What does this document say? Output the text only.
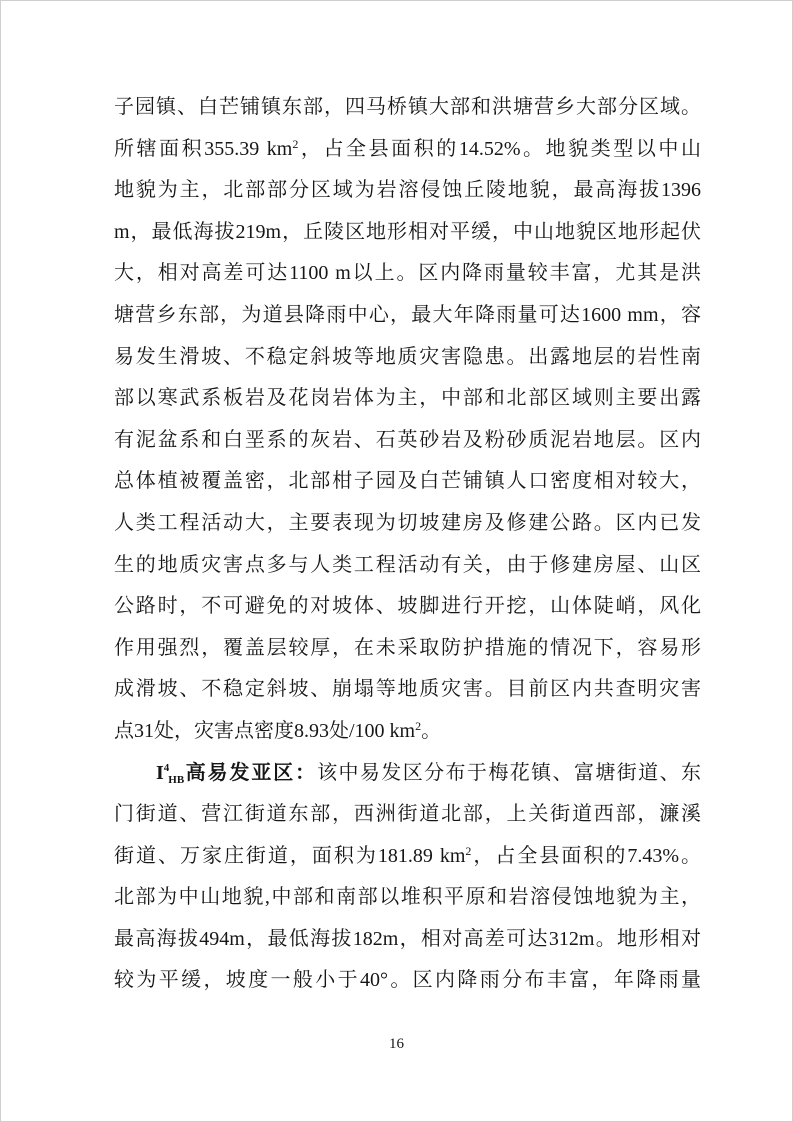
子园镇、白芒铺镇东部，四马桥镇大部和洪塘营乡大部分区域。
所辖面积355.39 $km^2$，占全县面积的14.52%。地貌类型以中山
地貌为主，北部部分区域为岩溶侵蚀丘陵地貌，最高海拔1396
m，最低海拔219m，丘陵区地形相对平缓，中山地貌区地形起伏
大，相对高差可达1100 m以上。区内降雨量较丰富，尤其是洪
塘营乡东部，为道县降雨中心，最大年降雨量可达1600 mm，容
易发生滑坡、不稳定斜坡等地质灾害隐患。出露地层的岩性南
部以寒武系板岩及花岗岩体为主，中部和北部区域则主要出露
有泥盆系和白垩系的灰岩、石英砂岩及粉砂质泥岩地层。区内
总体植被覆盖密，北部柑子园及白芒铺镇人口密度相对较大，
人类工程活动大，主要表现为切坡建房及修建公路。区内已发
生的地质灾害点多与人类工程活动有关，由于修建房屋、山区
公路时，不可避免的对坡体、坡脚进行开挖，山体陡峭，风化
作用强烈，覆盖层较厚，在未采取防护措施的情况下，容易形
成滑坡、不稳定斜坡、崩塌等地质灾害。目前区内共查明灾害
点31处，灾害点密度8.93处/100 $km^2$。
$I^4_{HB}$高易发亚区：该中易发区分布于梅花镇、富塘街道、东
门街道、营江街道东部，西洲街道北部，上关街道西部，濂溪
街道、万家庄街道，面积为181.89 $km^2$，占全县面积的7.43%。
北部为中山地貌,中部和南部以堆积平原和岩溶侵蚀地貌为主，
最高海拔494m，最低海拔182m，相对高差可达312m。地形相对
较为平缓，坡度一般小于40°。区内降雨分布丰富，年降雨量
16
